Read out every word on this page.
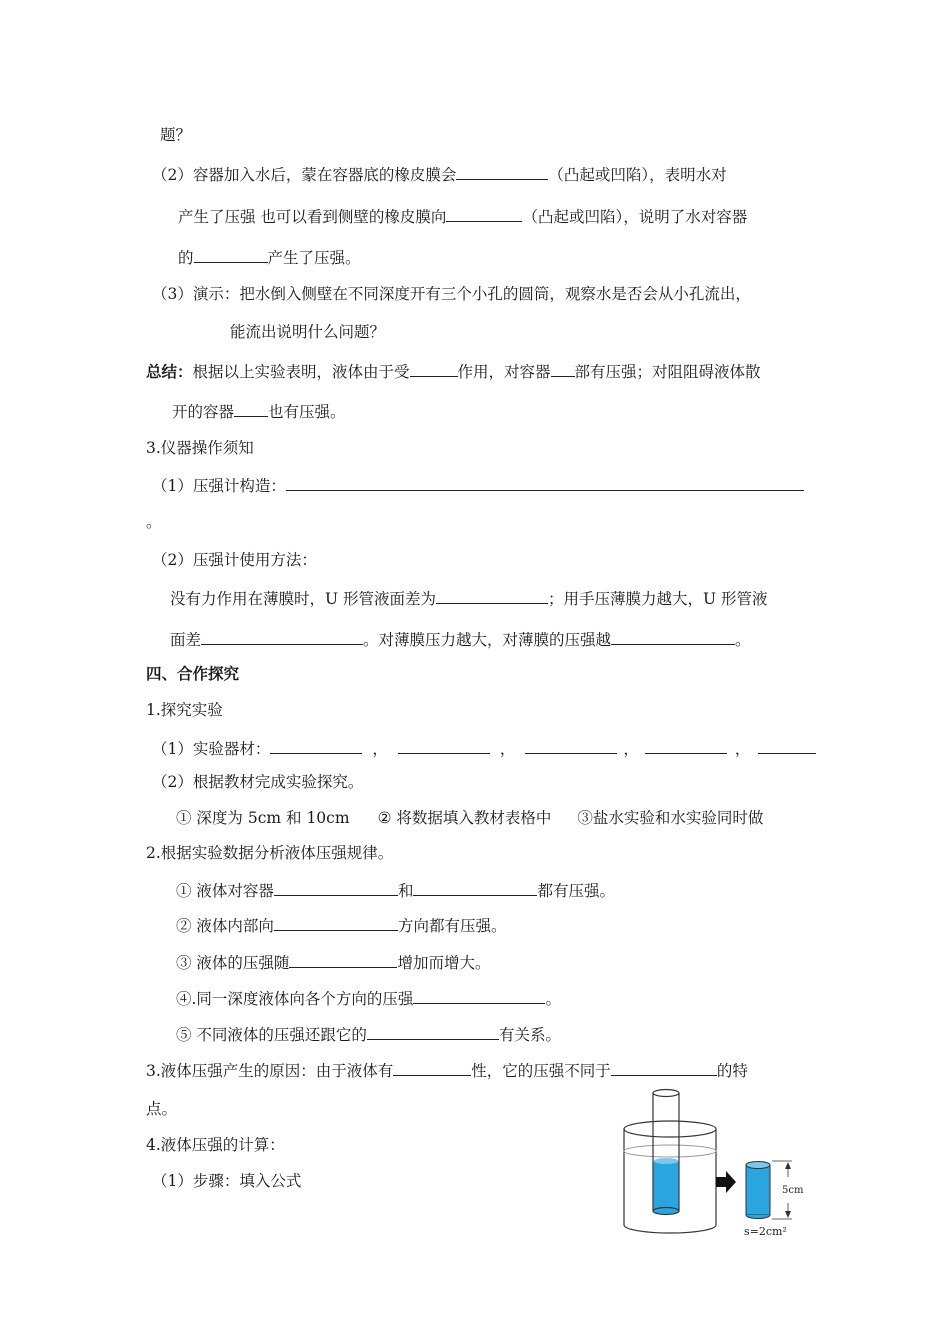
题？
（2）容器加入水后，蒙在容器底的橡皮膜会	（凸起或凹陷），表明水对
产生了压强 也可以看到侧壁的橡皮膜向	（凸起或凹陷），说明了水对容器
的	产生了压强。
（3）演示：把水倒入侧壁在不同深度开有三个小孔的圆筒，观察水是否会从小孔流出，
能流出说明什么问题？
总结：根据以上实验表明，液体由于受	作用，对容器 部有压强；对阻阻碍液体散
开的容器 也有压强。
3.仪器操作须知
（1）压强计构造：
。
（2）压强计使用方法：
没有力作用在薄膜时，U 形管液面差为	；用手压薄膜力越大，U 形管液
面差	。对薄膜压力越大，对薄膜的压强越	。
四、合作探究
1.探究实验
（1）实验器材：	，	，	，	，
（2）根据教材完成实验探究。
① 深度为 5cm 和 10cm ② 将数据填入教材表格中 ③盐水实验和水实验同时做
2.根据实验数据分析液体压强规律。
① 液体对容器	和	都有压强。
② 液体内部向	方向都有压强。
③ 液体的压强随	增加而增大。
④.同一深度液体向各个方向的压强	。
⑤ 不同液体的压强还跟它的	有关系。
3.液体压强产生的原因：由于液体有	性，它的压强不同于	的特
点。
4.液体压强的计算：
（1）步骤：填入公式
5cm
s=2cm²
